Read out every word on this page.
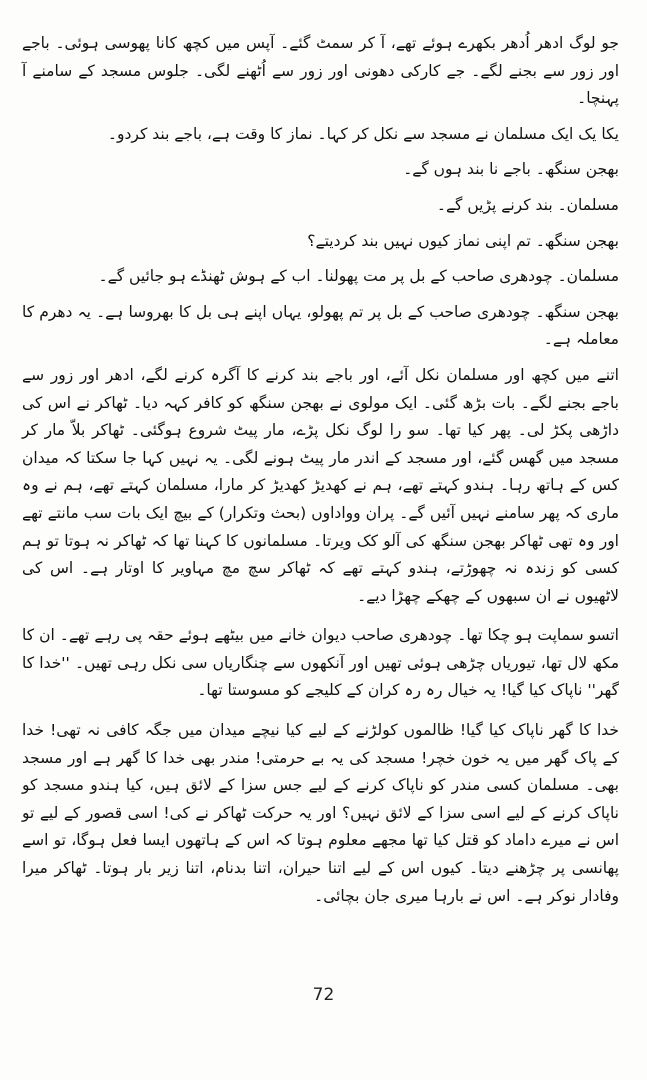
جو لوگ ادھر اُدھر بکھرے ہوئے تھے، آ کر سمٹ گئے۔ آپس میں کچھ کانا پھوسی ہوئی۔ باجے اور زور سے بجنے لگے۔ جے کارکی دھونی اور زور سے اُٹھنے لگی۔ جلوس مسجد کے سامنے آ پہنچا۔

یکا یک ایک مسلمان نے مسجد سے نکل کر کہا۔ نماز کا وقت ہے، باجے بند کردو۔

بھجن سنگھ۔ باجے نا بند ہوں گے۔

مسلمان۔ بند کرنے پڑیں گے۔

بھجن سنگھ۔ تم اپنی نماز کیوں نہیں بند کردیتے؟

مسلمان۔ چودھری صاحب کے بل پر مت پھولنا۔ اب کے ہوش ٹھنڈے ہو جائیں گے۔

بھجن سنگھ۔ چودھری صاحب کے بل پر تم پھولو، یہاں اپنے ہی بل کا بھروسا ہے۔ یہ دھرم کا معاملہ ہے۔

اتنے میں کچھ اور مسلمان نکل آئے، اور باجے بند کرنے کا آگرہ کرنے لگے، ادھر اور زور سے باجے بجنے لگے۔ بات بڑھ گئی۔ ایک مولوی نے بھجن سنگھ کو کافر کہہ دیا۔ ٹھاکر نے اس کی داڑھی پکڑ لی۔ پھر کیا تھا۔ سو را لوگ نکل پڑے، مار پیٹ شروع ہوگئی۔ ٹھاکر بلاّ مار کر مسجد میں گھس گئے، اور مسجد کے اندر مار پیٹ ہونے لگی۔ یہ نہیں کہا جا سکتا کہ میدان کس کے ہاتھ رہا۔ ہندو کہتے تھے، ہم نے کھدیڑ کھدیڑ کر مارا، مسلمان کہتے تھے، ہم نے وہ ماری کہ پھر سامنے نہیں آئیں گے۔ پران وواداوں (بحث وتکرار) کے بیچ ایک بات سب مانتے تھے اور وہ تھی ٹھاکر بھجن سنگھ کی آلو کک ویرتا۔ مسلمانوں کا کہنا تھا کہ ٹھاکر نہ ہوتا تو ہم کسی کو زندہ نہ چھوڑتے، ہندو کہتے تھے کہ ٹھاکر سچ مچ مہاویر کا اوتار ہے۔ اس کی لاٹھیوں نے ان سبھوں کے چھکے چھڑا دیے۔

اتسو سماپت ہو چکا تھا۔ چودھری صاحب دیوان خانے میں بیٹھے ہوئے حقہ پی رہے تھے۔ ان کا مکھ لال تھا، تیوریاں چڑھی ہوئی تھیں اور آنکھوں سے چنگاریاں سی نکل رہی تھیں۔ ''خدا کا گھر'' ناپاک کیا گیا! یہ خیال رہ رہ کران کے کلیجے کو مسوستا تھا۔

خدا کا گھر ناپاک کیا گیا! ظالموں کولڑنے کے لیے کیا نیچے میدان میں جگہ کافی نہ تھی! خدا کے پاک گھر میں یہ خون خچر! مسجد کی یہ بے حرمتی! مندر بھی خدا کا گھر ہے اور مسجد بھی۔ مسلمان کسی مندر کو ناپاک کرنے کے لیے جس سزا کے لائق ہیں، کیا ہندو مسجد کو ناپاک کرنے کے لیے اسی سزا کے لائق نہیں؟ اور یہ حرکت ٹھاکر نے کی! اسی قصور کے لیے تو اس نے میرے داماد کو قتل کیا تھا مجھے معلوم ہوتا کہ اس کے ہاتھوں ایسا فعل ہوگا، تو اسے پھانسی پر چڑھنے دیتا۔ کیوں اس کے لیے اتنا حیران، اتنا بدنام، اتنا زیر بار ہوتا۔ ٹھاکر میرا وفادار نوکر ہے۔ اس نے بارہا میری جان بچائی۔

72
